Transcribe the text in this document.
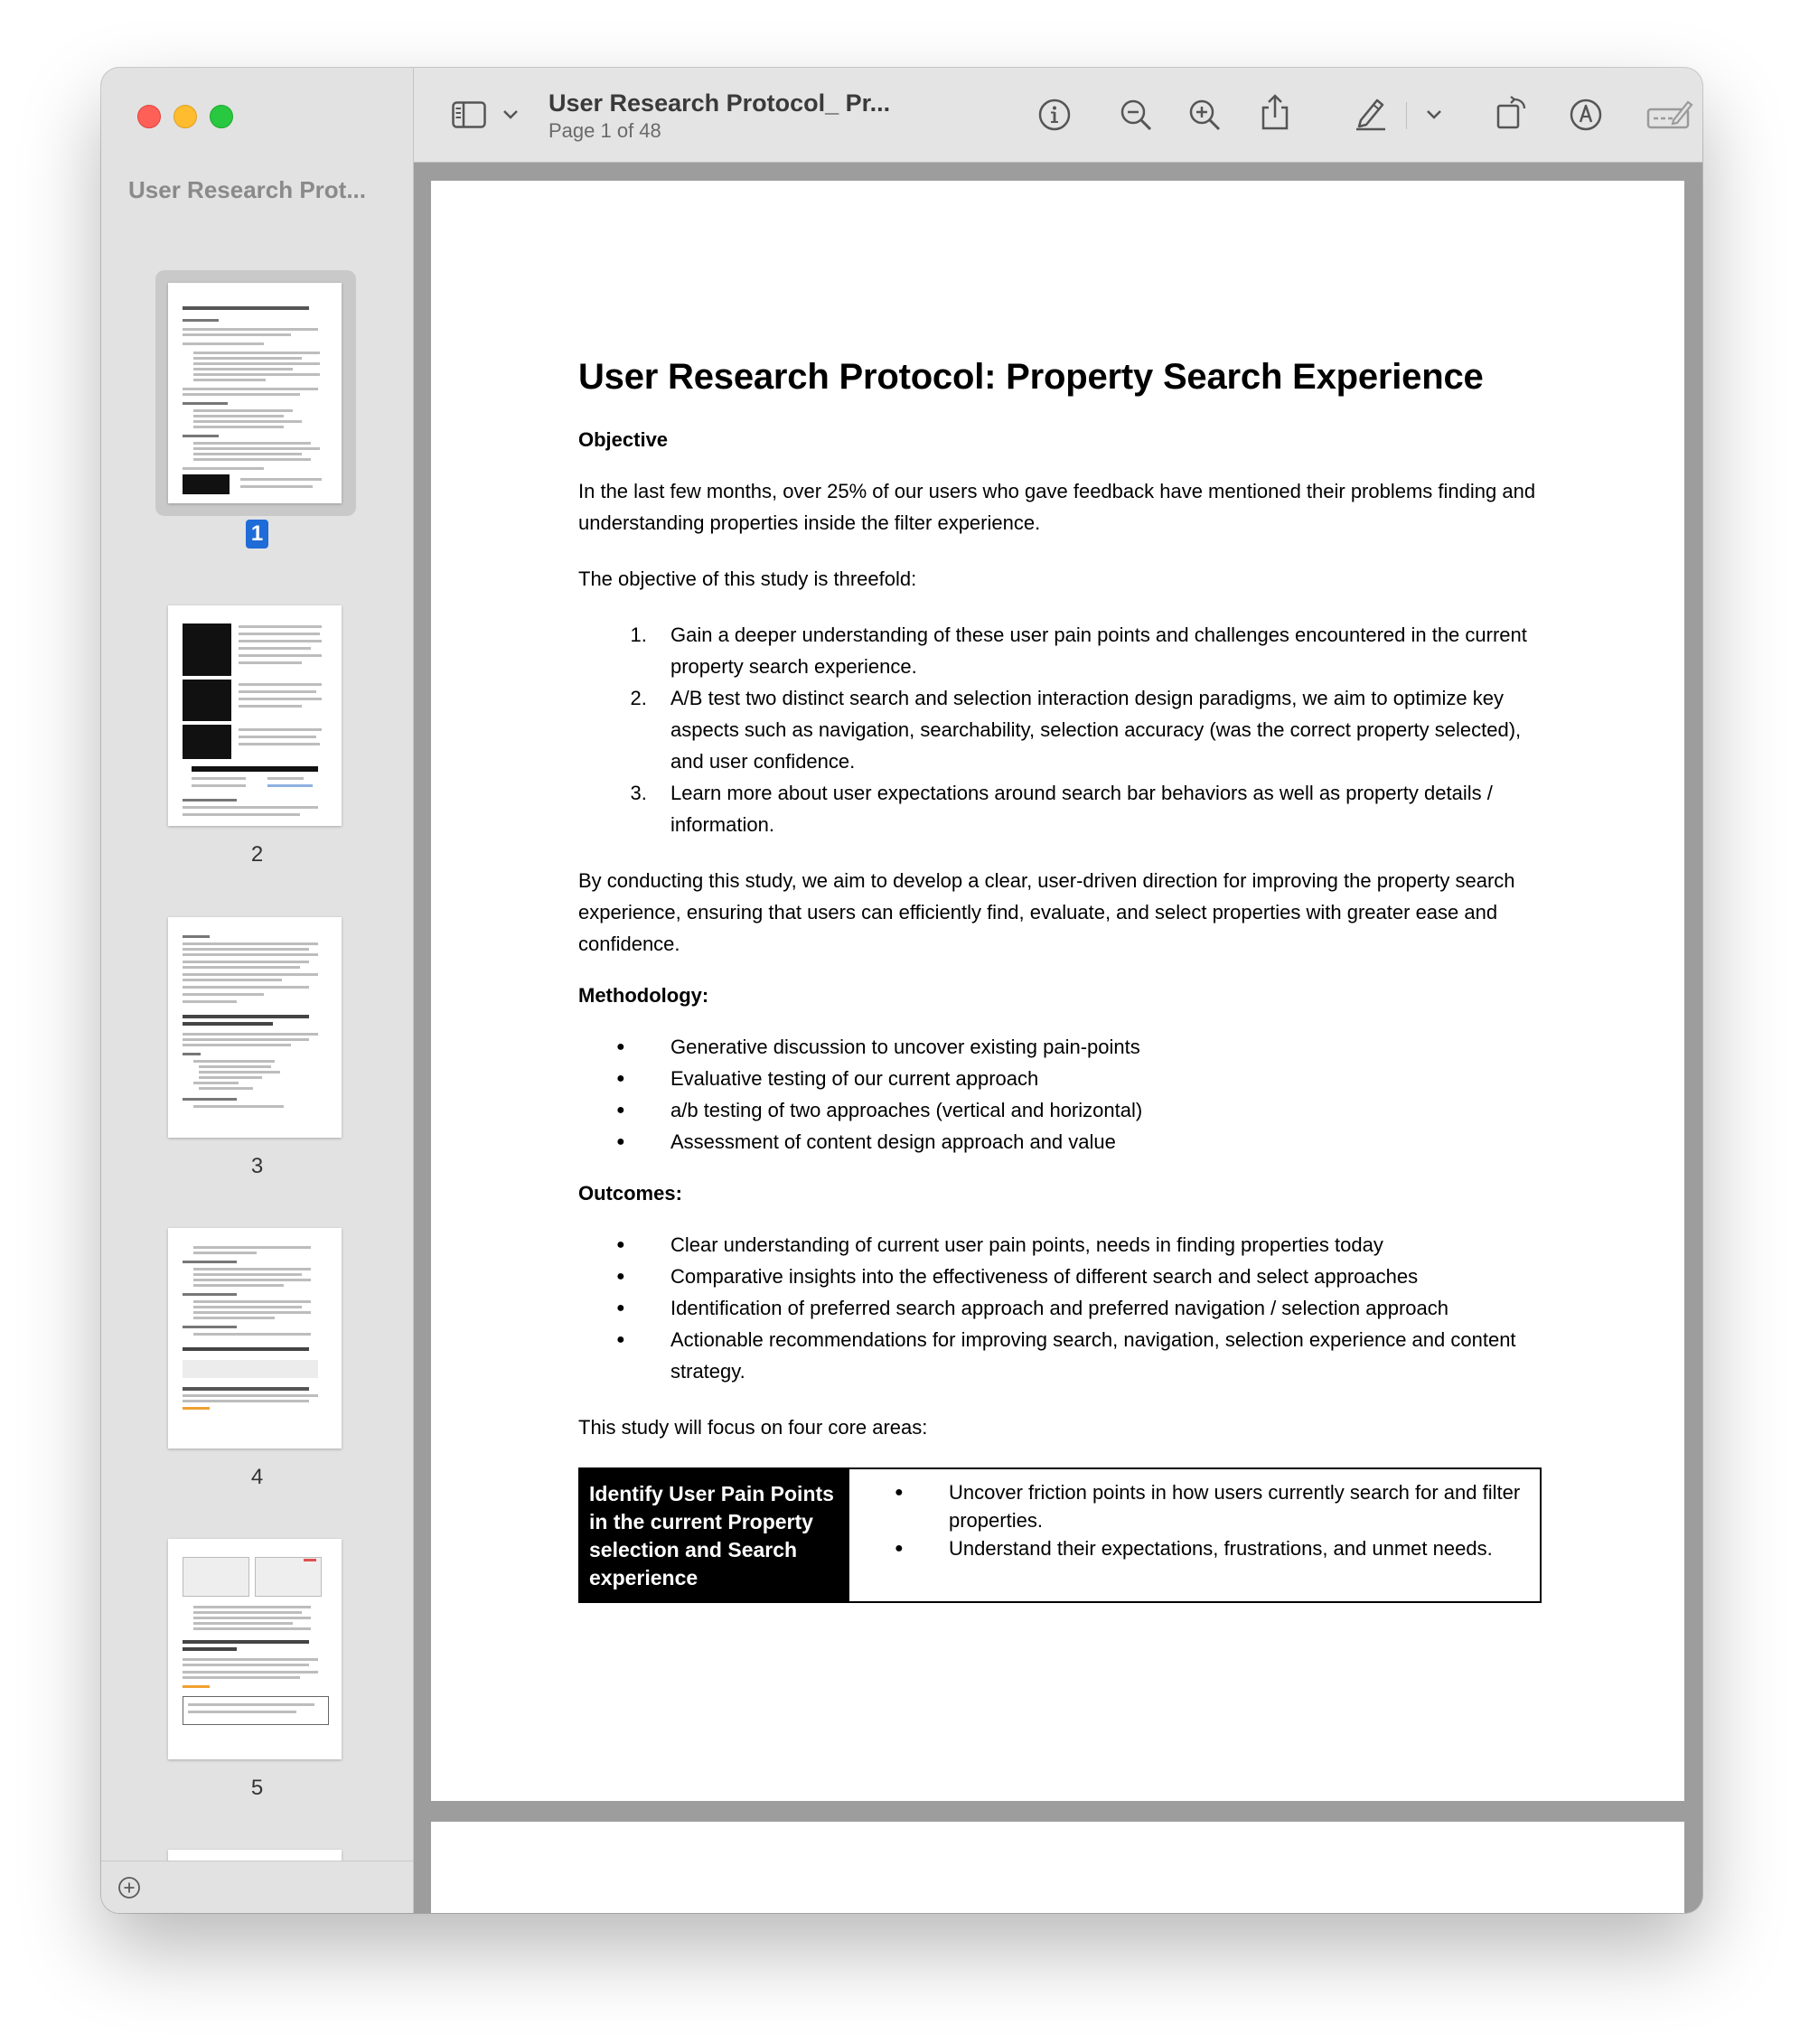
User Research Prot...
1
2
3
4
5
User Research Protocol_ Pr...
Page 1 of 48
User Research Protocol: Property Search Experience
Objective

In the last few months, over 25% of our users who gave feedback have mentioned their problems finding and understanding properties inside the filter experience.

The objective of this study is threefold:

1. Gain a deeper understanding of these user pain points and challenges encountered in the current property search experience.
2. A/B test two distinct search and selection interaction design paradigms, we aim to optimize key aspects such as navigation, searchability, selection accuracy (was the correct property selected), and user confidence.
3. Learn more about user expectations around search bar behaviors as well as property details / information.

By conducting this study, we aim to develop a clear, user-driven direction for improving the property search experience, ensuring that users can efficiently find, evaluate, and select properties with greater ease and confidence.

Methodology:
● Generative discussion to uncover existing pain-points
● Evaluative testing of our current approach
● a/b testing of two approaches (vertical and horizontal)
● Assessment of content design approach and value
Outcomes:
● Clear understanding of current user pain points, needs in finding properties today
● Comparative insights into the effectiveness of different search and select approaches
● Identification of preferred search approach and preferred navigation / selection approach
● Actionable recommendations for improving search, navigation, selection experience and content strategy.

This study will focus on four core areas:

Identify User Pain Points in the current Property selection and Search experience
● Uncover friction points in how users currently search for and filter properties.
● Understand their expectations, frustrations, and unmet needs.
